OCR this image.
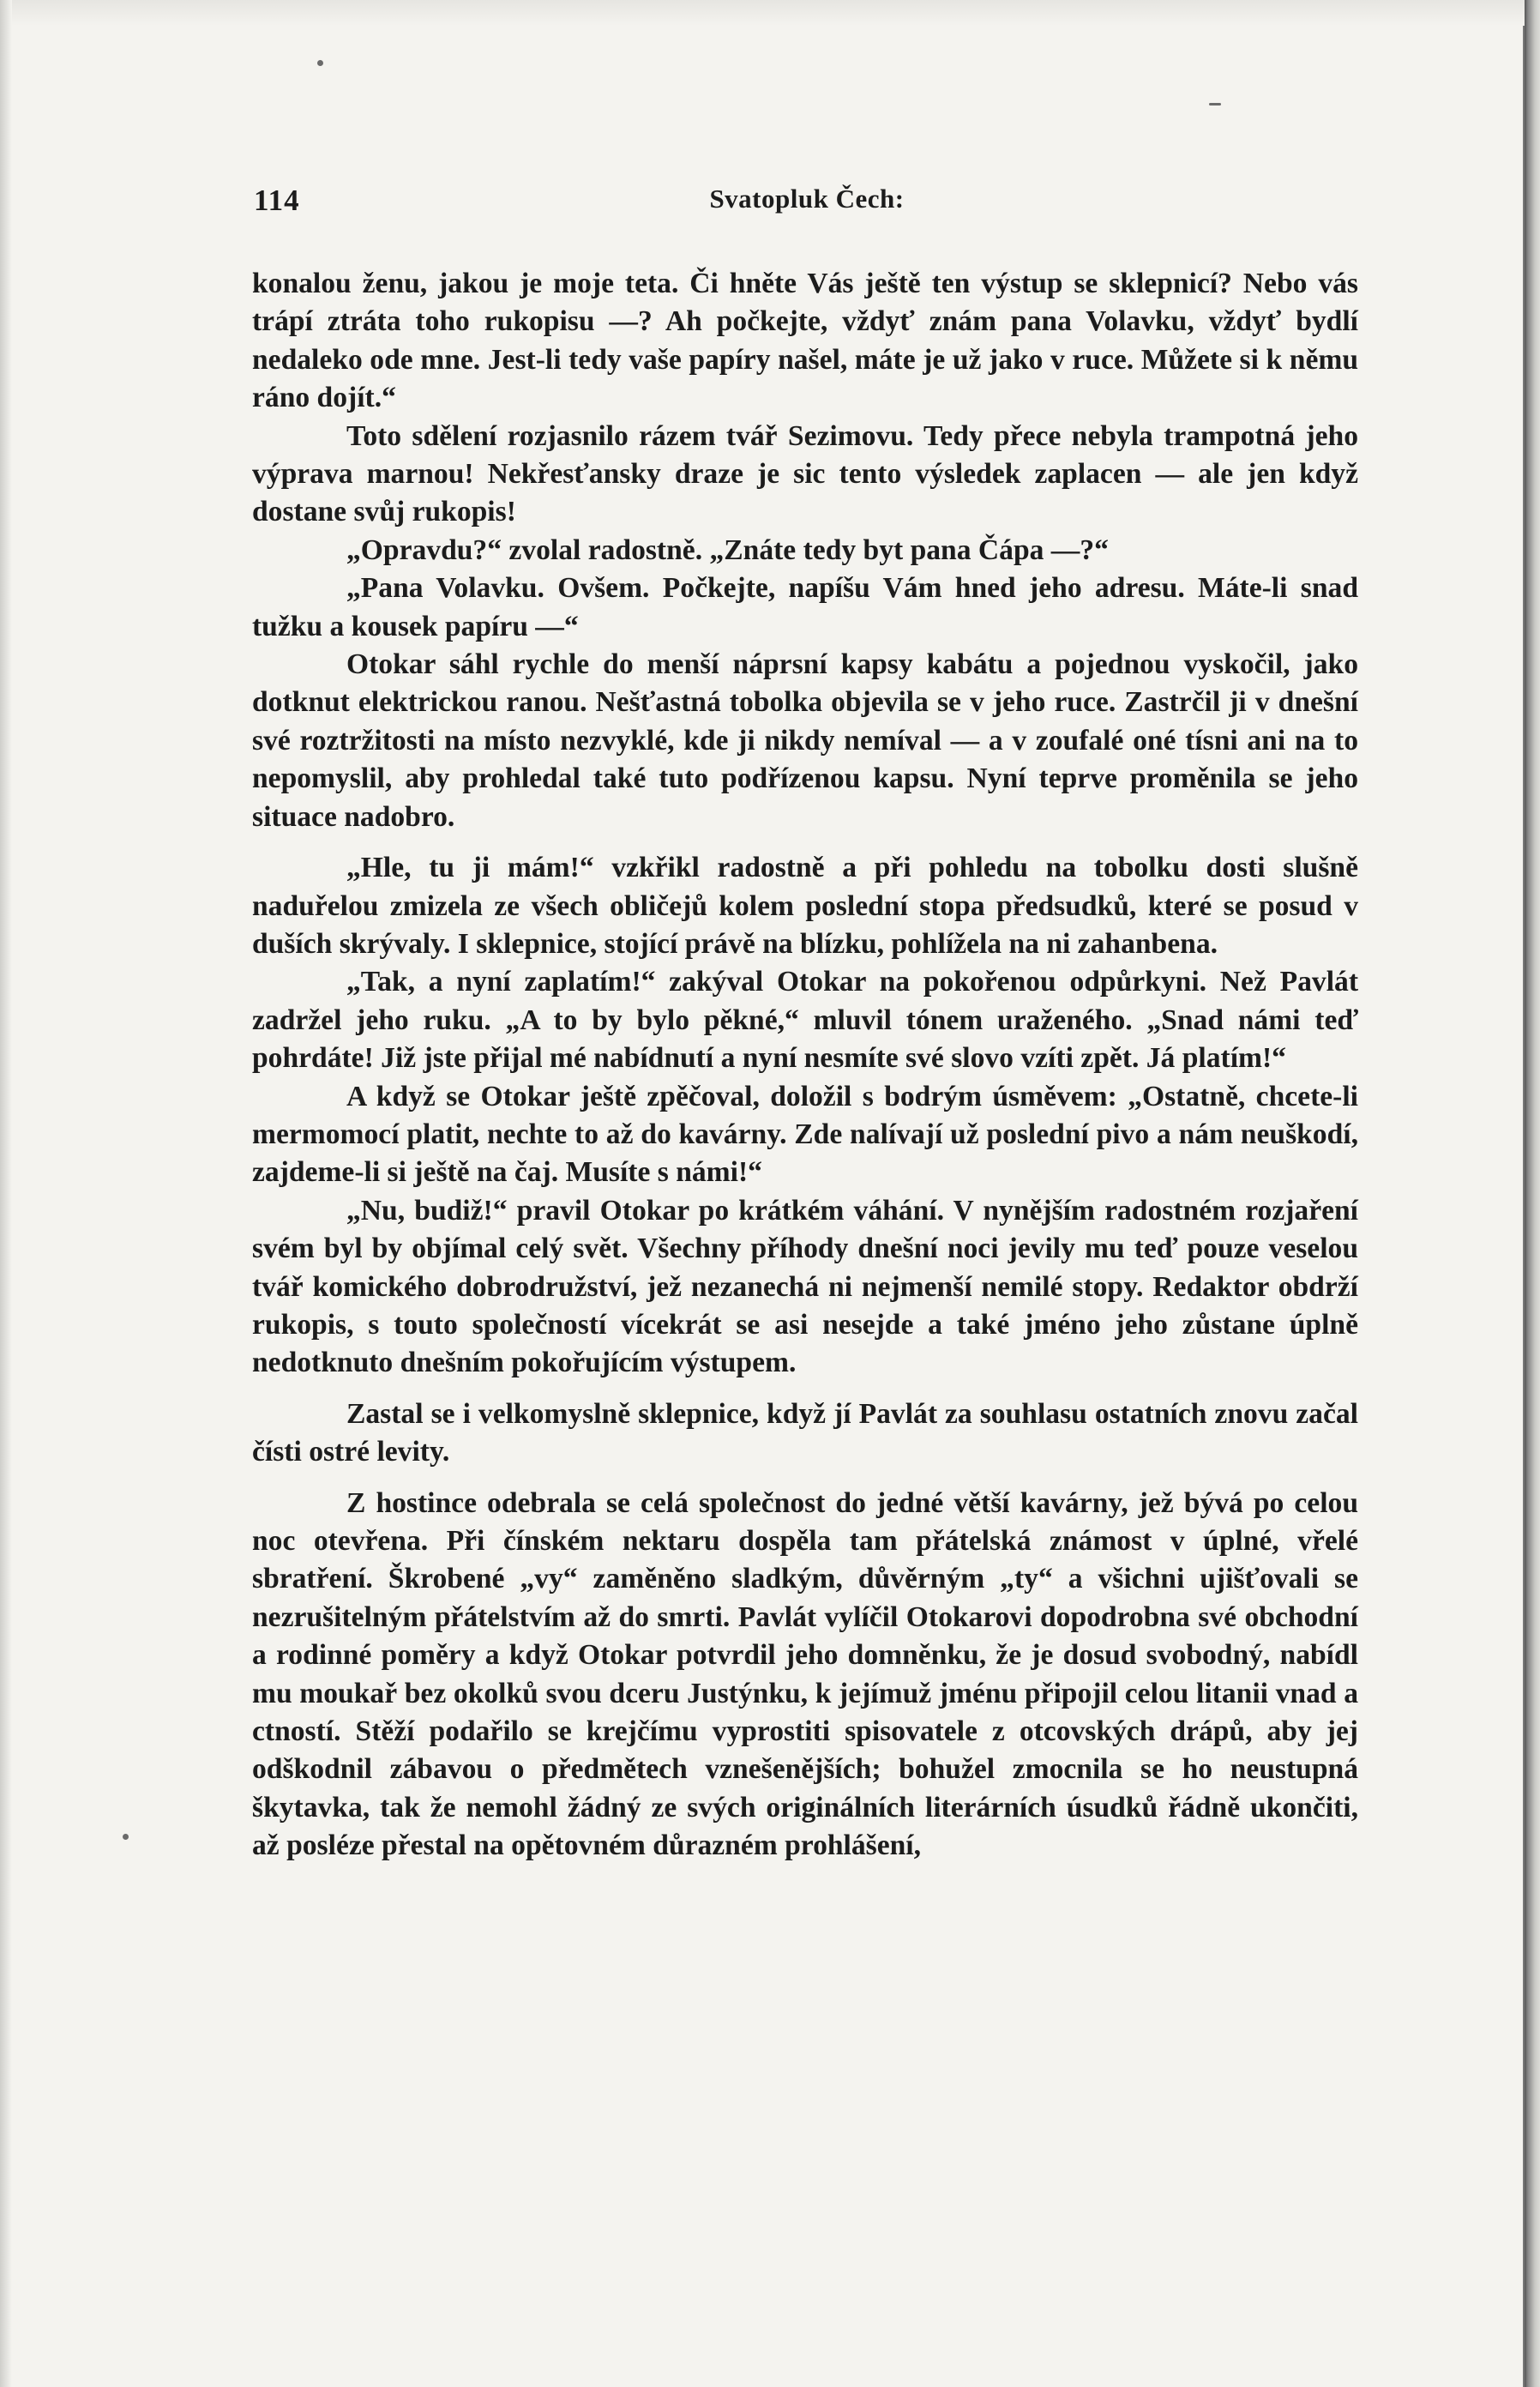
114	Svatopluk Čech:

konalou ženu, jakou je moje teta. Či hněte Vás ještě ten výstup se sklepnicí? Nebo vás trápí ztráta toho rukopisu —? Ah počkejte, vždyť znám pana Volavku, vždyť bydlí nedaleko ode mne. Jest-li tedy vaše papíry našel, máte je už jako v ruce. Můžete si k němu ráno dojít.“

Toto sdělení rozjasnilo rázem tvář Sezimovu. Tedy přece nebyla trampotná jeho výprava marnou! Nekřesťansky draze je sic tento výsledek zaplacen — ale jen když dostane svůj rukopis!

„Opravdu?“ zvolal radostně. „Znáte tedy byt pana Čápa —?“

„Pana Volavku. Ovšem. Počkejte, napíšu Vám hned jeho adresu. Máte-li snad tužku a kousek papíru —“

Otokar sáhl rychle do menší náprsní kapsy kabátu a pojednou vyskočil, jako dotknut elektrickou ranou. Nešťastná tobolka objevila se v jeho ruce. Zastrčil ji v dnešní své roztržitosti na místo nezvyklé, kde ji nikdy nemíval — a v zoufalé oné tísni ani na to nepomyslil, aby prohledal také tuto podřízenou kapsu. Nyní teprve proměnila se jeho situace nadobro.

„Hle, tu ji mám!“ vzkřikl radostně a při pohledu na tobolku dosti slušně naduřelou zmizela ze všech obličejů kolem poslední stopa předsudků, které se posud v duších skrývaly. I sklepnice, stojící právě na blízku, pohlížela na ni zahanbena.

„Tak, a nyní zaplatím!“ zakýval Otokar na pokořenou odpůrkyni. Než Pavlát zadržel jeho ruku. „A to by bylo pěkné,“ mluvil tónem uraženého. „Snad námi teď pohrdáte! Již jste přijal mé nabídnutí a nyní nesmíte své slovo vzíti zpět. Já platím!“

A když se Otokar ještě zpěčoval, doložil s bodrým úsměvem: „Ostatně, chcete-li mermomocí platit, nechte to až do kavárny. Zde nalívají už poslední pivo a nám neuškodí, zajdeme-li si ještě na čaj. Musíte s námi!“

„Nu, budiž!“ pravil Otokar po krátkém váhání. V nynějším radostném rozjaření svém byl by objímal celý svět. Všechny příhody dnešní noci jevily mu teď pouze veselou tvář komického dobrodružství, jež nezanechá ni nejmenší nemilé stopy. Redaktor obdrží rukopis, s touto společností vícekrát se asi nesejde a také jméno jeho zůstane úplně nedotknuto dnešním pokořujícím výstupem.

Zastal se i velkomyslně sklepnice, když jí Pavlát za souhlasu ostatních znovu začal čísti ostré levity.

Z hostince odebrala se celá společnost do jedné větší kavárny, jež bývá po celou noc otevřena. Při čínském nektaru dospěla tam přátelská známost v úplné, vřelé sbratření. Škrobené „vy“ zaměněno sladkým, důvěrným „ty“ a všichni ujišťovali se nezrušitelným přátelstvím až do smrti. Pavlát vylíčil Otokarovi dopodrobna své obchodní a rodinné poměry a když Otokar potvrdil jeho domněnku, že je dosud svobodný, nabídl mu moukař bez okolků svou dceru Justýnku, k jejímuž jménu připojil celou litanii vnad a ctností. Stěží podařilo se krejčímu vyprostiti spisovatele z otcovských drápů, aby jej odškodnil zábavou o předmětech vznešenějších; bohužel zmocnila se ho neustupná škytavka, tak že nemohl žádný ze svých originálních literárních úsudků řádně ukončiti, až posléze přestal na opětovném důrazném prohlášení,
